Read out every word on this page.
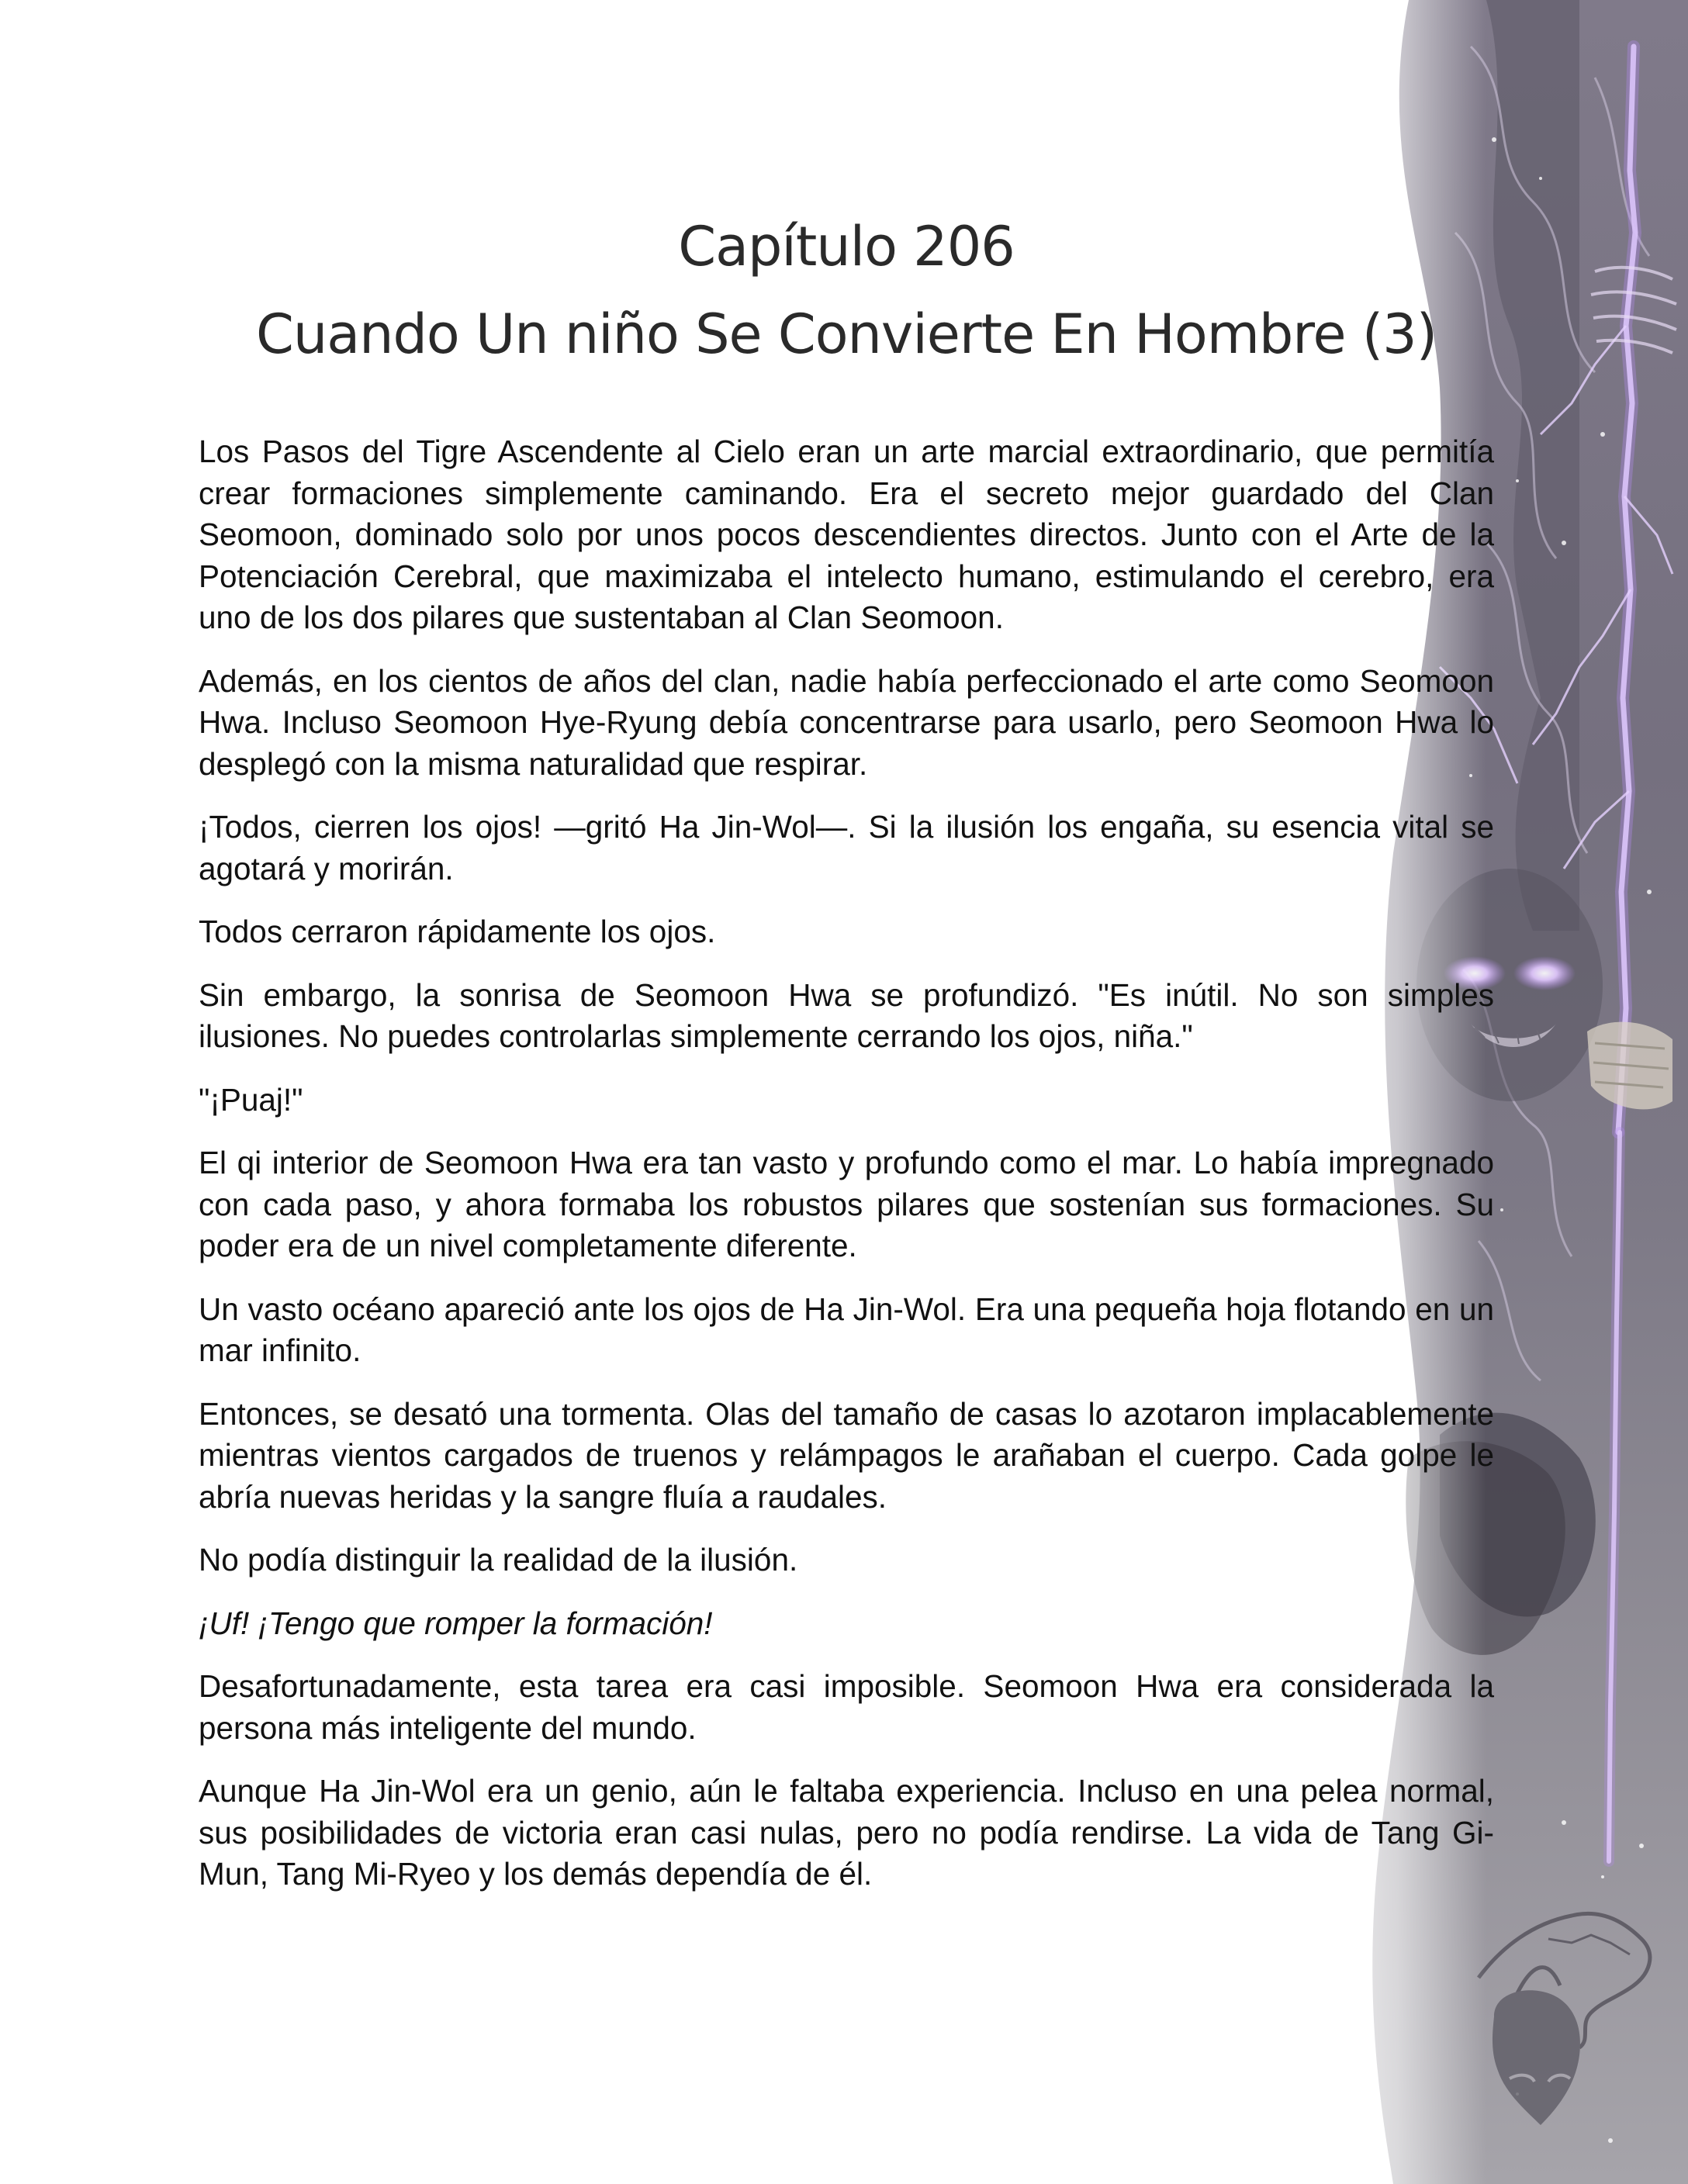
Capítulo 206
Cuando Un niño Se Convierte En Hombre (3)

Los Pasos del Tigre Ascendente al Cielo eran un arte marcial extraordinario, que permitía crear formaciones simplemente caminando. Era el secreto mejor guardado del Clan Seomoon, dominado solo por unos pocos descendientes directos. Junto con el Arte de la Potenciación Cerebral, que maximizaba el intelecto humano, estimulando el cerebro, era uno de los dos pilares que sustentaban al Clan Seomoon.

Además, en los cientos de años del clan, nadie había perfeccionado el arte como Seomoon Hwa. Incluso Seomoon Hye-Ryung debía concentrarse para usarlo, pero Seomoon Hwa lo desplegó con la misma naturalidad que respirar.

¡Todos, cierren los ojos! —gritó Ha Jin-Wol—. Si la ilusión los engaña, su esencia vital se agotará y morirán.

Todos cerraron rápidamente los ojos.

Sin embargo, la sonrisa de Seomoon Hwa se profundizó. "Es inútil. No son simples ilusiones. No puedes controlarlas simplemente cerrando los ojos, niña."

"¡Puaj!"

El qi interior de Seomoon Hwa era tan vasto y profundo como el mar. Lo había impregnado con cada paso, y ahora formaba los robustos pilares que sostenían sus formaciones. Su poder era de un nivel completamente diferente.

Un vasto océano apareció ante los ojos de Ha Jin-Wol. Era una pequeña hoja flotando en un mar infinito.

Entonces, se desató una tormenta. Olas del tamaño de casas lo azotaron implacablemente mientras vientos cargados de truenos y relámpagos le arañaban el cuerpo. Cada golpe le abría nuevas heridas y la sangre fluía a raudales.

No podía distinguir la realidad de la ilusión.

¡Uf! ¡Tengo que romper la formación!

Desafortunadamente, esta tarea era casi imposible. Seomoon Hwa era considerada la persona más inteligente del mundo.

Aunque Ha Jin-Wol era un genio, aún le faltaba experiencia. Incluso en una pelea normal, sus posibilidades de victoria eran casi nulas, pero no podía rendirse. La vida de Tang Gi-Mun, Tang Mi-Ryeo y los demás dependía de él.
